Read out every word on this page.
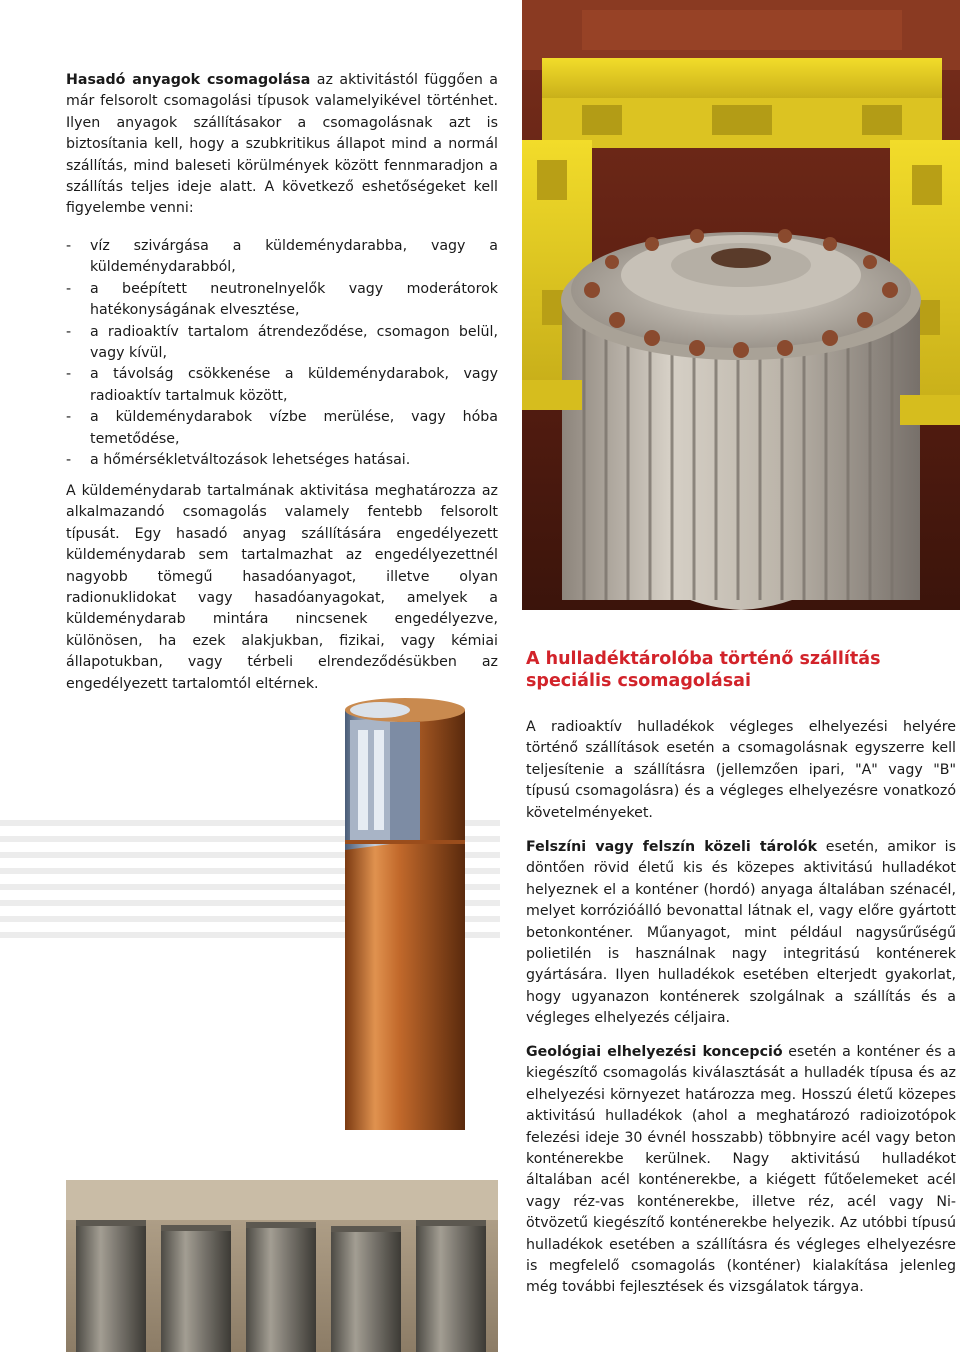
Hasadó anyagok csomagolása az aktivitástól függően a már felsorolt csomagolási típusok valamelyikével történhet. Ilyen anyagok szállításakor a csomagolásnak azt is biztosítania kell, hogy a szubkritikus állapot mind a normál szállítás, mind baleseti körülmények között fennmaradjon a szállítás teljes ideje alatt. A következő eshetőségeket kell figyelembe venni:
- víz szivárgása a küldeménydarabba, vagy a küldeménydarabból,
- a beépített neutronelnyelők vagy moderátorok hatékonyságának elvesztése,
- a radioaktív tartalom átrendeződése, csomagon belül, vagy kívül,
- a távolság csökkenése a küldeménydarabok, vagy radioaktív tartalmuk között,
- a küldeménydarabok vízbe merülése, vagy hóba temetődése,
- a hőmérsékletváltozások lehetséges hatásai.
A küldeménydarab tartalmának aktivitása meghatározza az alkalmazandó csomagolás valamely fentebb felsorolt típusát. Egy hasadó anyag szállítására engedélyezett küldeménydarab sem tartalmazhat az engedélyezettnél nagyobb tömegű hasadóanyagot, illetve olyan radionuklidokat vagy hasadóanyagokat, amelyek a küldeménydarab mintára nincsenek engedélyezve, különösen, ha ezek alakjukban, fizikai, vagy kémiai állapotukban, vagy térbeli elrendeződésükben az engedélyezett tartalomtól eltérnek.
A hulladéktárolóba történő szállítás speciális csomagolásai
A radioaktív hulladékok végleges elhelyezési helyére történő szállítások esetén a csomagolásnak egyszerre kell teljesítenie a szállításra (jellemzően ipari, "A" vagy "B" típusú csomagolásra) és a végleges elhelyezésre vonatkozó követelményeket.
Felszíni vagy felszín közeli tárolók esetén, amikor is döntően rövid életű kis és közepes aktivitású hulladékot helyeznek el a konténer (hordó) anyaga általában szénacél, melyet korrózióálló bevonattal látnak el, vagy előre gyártott betonkonténer. Műanyagot, mint például nagysűrűségű polietilén is használnak nagy integritású konténerek gyártására. Ilyen hulladékok esetében elterjedt gyakorlat, hogy ugyanazon konténerek szolgálnak a szállítás és a végleges elhelyezés céljaira.
Geológiai elhelyezési koncepció esetén a konténer és a kiegészítő csomagolás kiválasztását a hulladék típusa és az elhelyezési környezet határozza meg. Hosszú életű közepes aktivitású hulladékok (ahol a meghatározó radioizotópok felezési ideje 30 évnél hosszabb) többnyire acél vagy beton konténerekbe kerülnek. Nagy aktivitású hulladékot általában acél konténerekbe, a kiégett fűtőelemeket acél vagy réz-vas konténerekbe, illetve réz, acél vagy Ni-ötvözetű kiegészítő konténerekbe helyezik. Az utóbbi típusú hulladékok esetében a szállításra és végleges elhelyezésre is megfelelő csomagolás (konténer) kialakítása jelenleg még további fejlesztések és vizsgálatok tárgya.
